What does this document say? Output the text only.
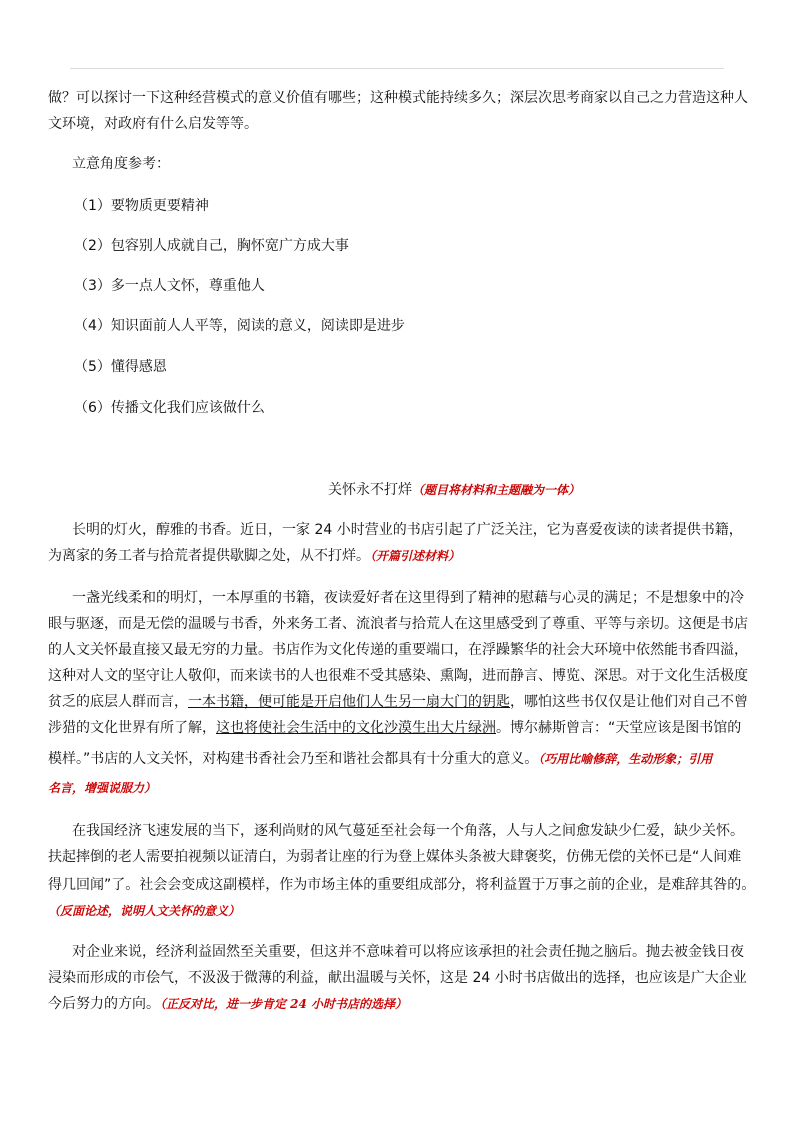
做？可以探讨一下这种经营模式的意义价值有哪些；这种模式能持续多久；深层次思考商家以自己之力营造这种人
文环境，对政府有什么启发等等。
立意角度参考：
（1）要物质更要精神
（2）包容别人成就自己，胸怀宽广方成大事
（3）多一点人文怀，尊重他人
（4）知识面前人人平等，阅读的意义，阅读即是进步
（5）懂得感恩
（6）传播文化我们应该做什么
关怀永不打烊（题目将材料和主题融为一体）
长明的灯火，醇雅的书香。近日，一家 24 小时营业的书店引起了广泛关注，它为喜爱夜读的读者提供书籍，
为离家的务工者与拾荒者提供歇脚之处，从不打烊。（开篇引述材料）
一盏光线柔和的明灯，一本厚重的书籍，夜读爱好者在这里得到了精神的慰藉与心灵的满足；不是想象中的冷
眼与驱逐，而是无偿的温暖与书香，外来务工者、流浪者与拾荒人在这里感受到了尊重、平等与亲切。这便是书店
的人文关怀最直接又最无穷的力量。书店作为文化传递的重要端口，在浮躁繁华的社会大环境中依然能书香四溢，
这种对人文的坚守让人敬仰，而来读书的人也很难不受其感染、熏陶，进而静言、博览、深思。对于文化生活极度
贫乏的底层人群而言，一本书籍，便可能是开启他们人生另一扇大门的钥匙，哪怕这些书仅仅是让他们对自己不曾
涉猎的文化世界有所了解，这也将使社会生活中的文化沙漠生出大片绿洲。博尔赫斯曾言：“天堂应该是图书馆的
模样。”书店的人文关怀，对构建书香社会乃至和谐社会都具有十分重大的意义。（巧用比喻修辞，生动形象；引用
名言，增强说服力）
在我国经济飞速发展的当下，逐利尚财的风气蔓延至社会每一个角落，人与人之间愈发缺少仁爱，缺少关怀。
扶起摔倒的老人需要拍视频以证清白，为弱者让座的行为登上媒体头条被大肆褒奖，仿佛无偿的关怀已是“人间难
得几回闻”了。社会会变成这副模样，作为市场主体的重要组成部分，将利益置于万事之前的企业，是难辞其咎的。
（反面论述，说明人文关怀的意义）
对企业来说，经济利益固然至关重要，但这并不意味着可以将应该承担的社会责任抛之脑后。抛去被金钱日夜
浸染而形成的市侩气，不汲汲于微薄的利益，献出温暖与关怀，这是 24 小时书店做出的选择，也应该是广大企业
今后努力的方向。（正反对比，进一步肯定 24 小时书店的选择）
